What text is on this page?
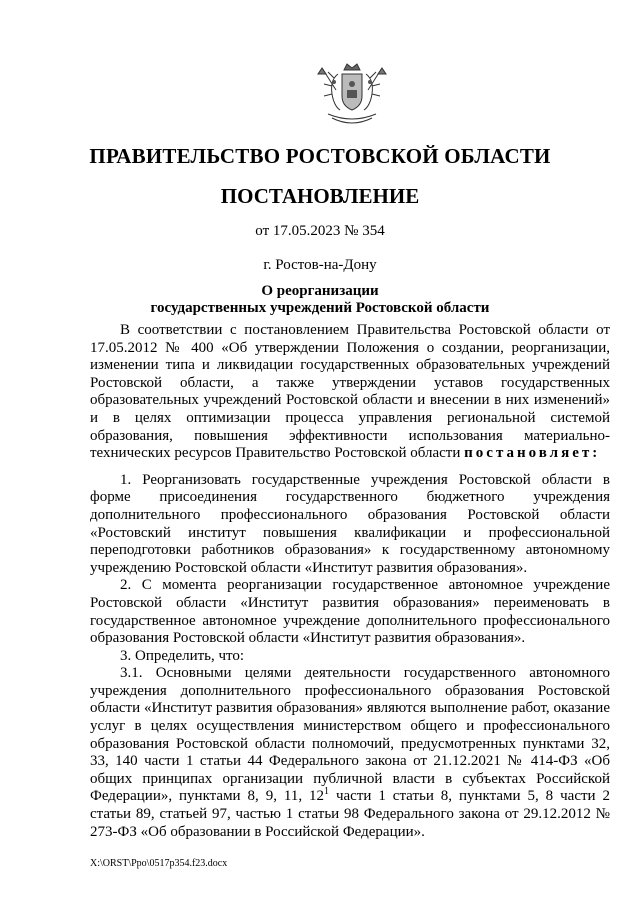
ПРАВИТЕЛЬСТВО РОСТОВСКОЙ ОБЛАСТИ
ПОСТАНОВЛЕНИЕ
от 17.05.2023 № 354
г. Ростов-на-Дону
О реорганизации
государственных учреждений Ростовской области

В соответствии с постановлением Правительства Ростовской области от 17.05.2012 № 400 «Об утверждении Положения о создании, реорганизации, изменении типа и ликвидации государственных образовательных учреждений Ростовской области, а также утверждении уставов государственных образовательных учреждений Ростовской области и внесении в них изменений» и в целях оптимизации процесса управления региональной системой образования, повышения эффективности использования материально-технических ресурсов Правительство Ростовской области постановляет:

1. Реорганизовать государственные учреждения Ростовской области в форме присоединения государственного бюджетного учреждения дополнительного профессионального образования Ростовской области «Ростовский институт повышения квалификации и профессиональной переподготовки работников образования» к государственному автономному учреждению Ростовской области «Институт развития образования».

2. С момента реорганизации государственное автономное учреждение Ростовской области «Институт развития образования» переименовать в государственное автономное учреждение дополнительного профессионального образования Ростовской области «Институт развития образования».

3. Определить, что:

3.1. Основными целями деятельности государственного автономного учреждения дополнительного профессионального образования Ростовской области «Институт развития образования» являются выполнение работ, оказание услуг в целях осуществления министерством общего и профессионального образования Ростовской области полномочий, предусмотренных пунктами 32, 33, 140 части 1 статьи 44 Федерального закона от 21.12.2021 № 414-ФЗ «Об общих принципах организации публичной власти в субъектах Российской Федерации», пунктами 8, 9, 11, $12^1$ части 1 статьи 8, пунктами 5, 8 части 2 статьи 89, статьей 97, частью 1 статьи 98 Федерального закона от 29.12.2012 № 273-ФЗ «Об образовании в Российской Федерации».

X:\ORST\Ppo\0517p354.f23.docx
